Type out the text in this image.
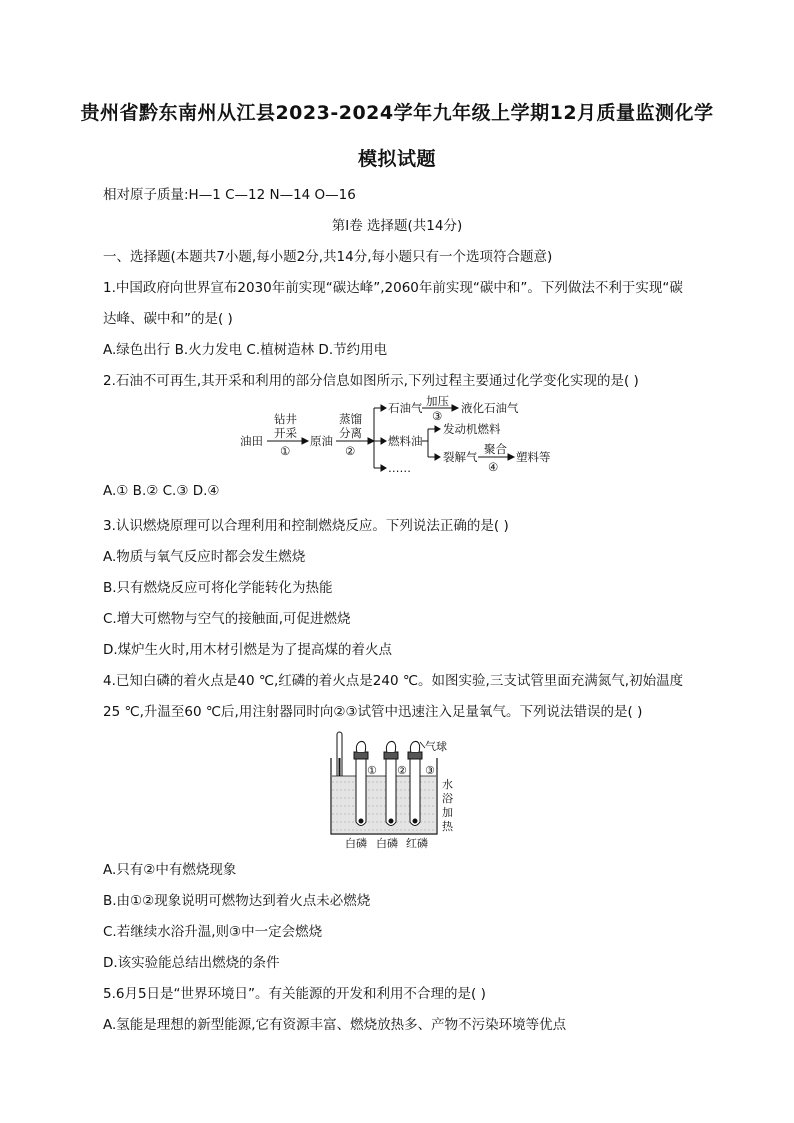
贵州省黔东南州从江县2023-2024学年九年级上学期12月质量监测化学
模拟试题
相对原子质量:H—1 C—12 N—14 O—16
第Ⅰ卷 选择题(共14分)
一、选择题(本题共7小题,每小题2分,共14分,每小题只有一个选项符合题意)
1.中国政府向世界宣布2030年前实现“碳达峰”,2060年前实现“碳中和”。下列做法不利于实现“碳
达峰、碳中和”的是( )
A.绿色出行 B.火力发电 C.植树造林 D.节约用电
2.石油不可再生,其开采和利用的部分信息如图所示,下列过程主要通过化学变化实现的是( )
油田
钻井
开采
①
原油
蒸馏
分离
②
石油气 加压
③
液化石油气
燃料油
发动机燃料
裂解气
聚合
④
塑料等
……
A.① B.② C.③ D.④
3.认识燃烧原理可以合理利用和控制燃烧反应。下列说法正确的是( )
A.物质与氧气反应时都会发生燃烧
B.只有燃烧反应可将化学能转化为热能
C.增大可燃物与空气的接触面,可促进燃烧
D.煤炉生火时,用木材引燃是为了提高煤的着火点
4.已知白磷的着火点是40 ℃,红磷的着火点是240 ℃。如图实验,三支试管里面充满氮气,初始温度
25 ℃,升温至60 ℃后,用注射器同时向②③试管中迅速注入足量氧气。下列说法错误的是( )
气球
① ② ③
水
浴
加
热
白磷 白磷 红磷
A.只有②中有燃烧现象
B.由①②现象说明可燃物达到着火点未必燃烧
C.若继续水浴升温,则③中一定会燃烧
D.该实验能总结出燃烧的条件
5.6月5日是“世界环境日”。有关能源的开发和利用不合理的是( )
A.氢能是理想的新型能源,它有资源丰富、燃烧放热多、产物不污染环境等优点
